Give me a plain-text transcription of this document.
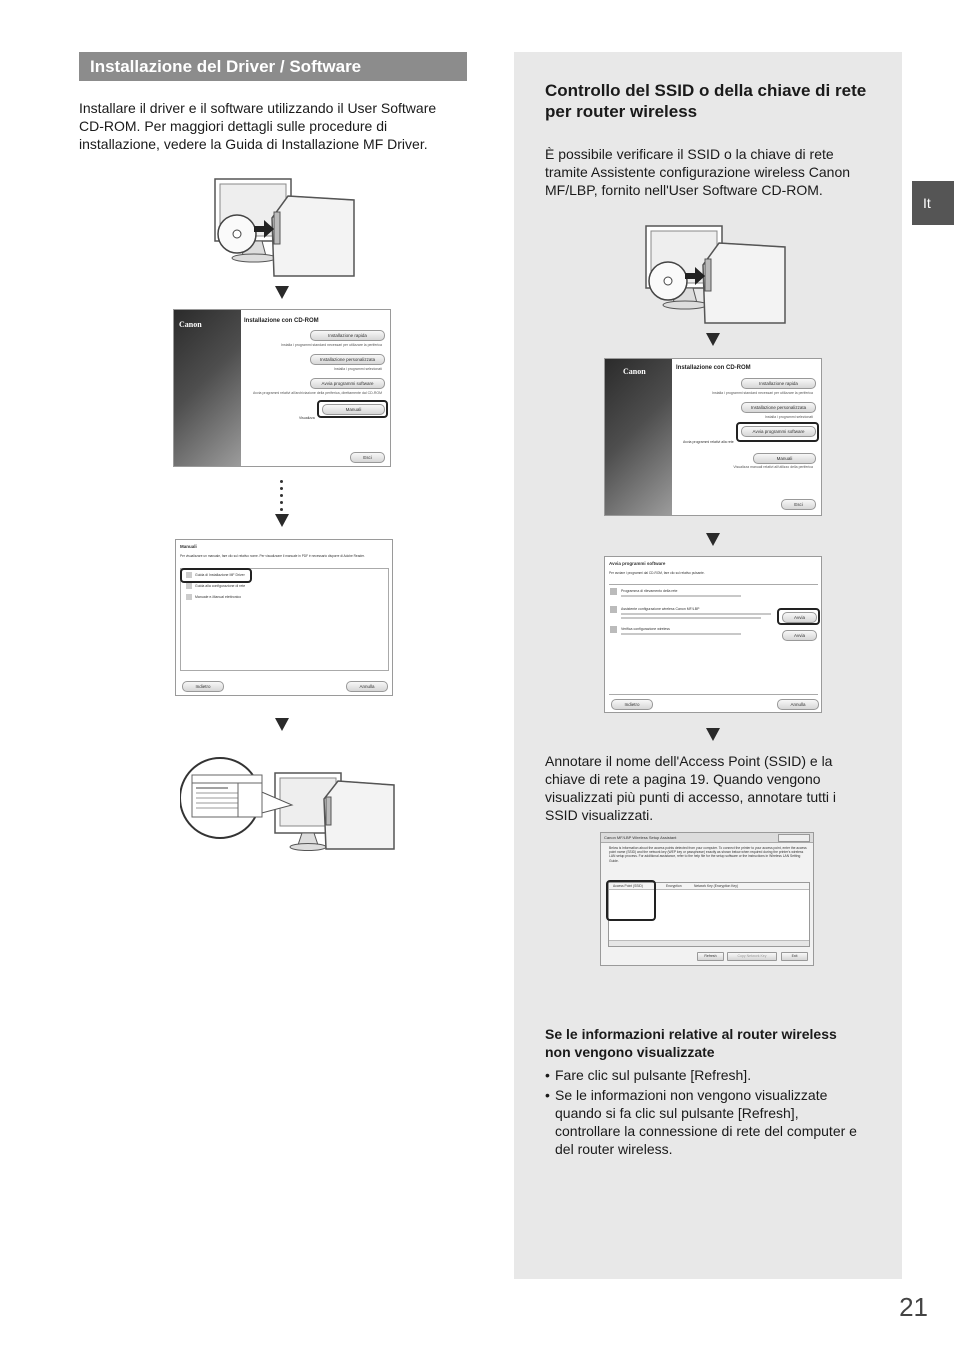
Installazione del Driver / Software
Installare il driver e il software utilizzando il User Software CD-ROM. Per maggiori dettagli sulle procedure di installazione, vedere la Guida di Installazione MF Driver.
Canon	Installazione con CD-ROM
Installazione rapida
Installa i programmi standard necessari per utilizzare la periferica
Installazione personalizzata
Installa i programmi selezionati
Avvia programmi software
Avvia programmi relativi all'archiviazione della periferica, direttamente dal CD-ROM
Manuali
Visualizza
Esci
Manuali
Per visualizzare un manuale, fare clic sul relativo nome. Per visualizzare il manuale in PDF è necessario disporre di Adobe Reader.
Guida di Installazione MF Driver
Guida alla configurazione di rete
Manuale e-Manual elettronico
Indietro	Annulla
Controllo del SSID o della chiave di rete per router wireless
È possibile verificare il SSID o la chiave di rete tramite Assistente configurazione wireless Canon MF/LBP, fornito nell'User Software CD-ROM.
Canon	Installazione con CD-ROM
Installazione rapida
Installa i programmi standard necessari per utilizzare la periferica
Installazione personalizzata
Installa i programmi selezionati
Avvia programmi software
Avvia programmi relativi alla rete
Manuali
Visualizza manuali relativi all'utilizzo della periferica
Esci
Avvia programmi software
Per avviare i programmi dal CD-ROM, fare clic sul relativo pulsante.
Programma di rilevamento della rete
Assistente configurazione wireless Canon MF/LBP
Verifica configurazione wireless
Avvia
Avvia
Indietro	Annulla
Annotare il nome dell'Access Point (SSID) e la chiave di rete a pagina 19. Quando vengono visualizzati più punti di accesso, annotare tutti i SSID visualizzati.
Canon MF/LBP Wireless Setup Assistant
Below is information about the access points detected from your computer. To connect the printer to your access point, enter the access point name (SSID) and the network key (WEP key or passphrase) exactly as shown below when required during the printer's wireless LAN setup process. For additional assistance, refer to the help file for the setup software or the instructions in Wireless LAN Setting Guide.
Access Point (SSID)	Encryption	Network Key (Encryption Key)
Refresh	Copy Network Key	Exit
Se le informazioni relative al router wireless non vengono visualizzate
• Fare clic sul pulsante [Refresh].
• Se le informazioni non vengono visualizzate quando si fa clic sul pulsante [Refresh], controllare la connessione di rete del computer e del router wireless.
It
21
